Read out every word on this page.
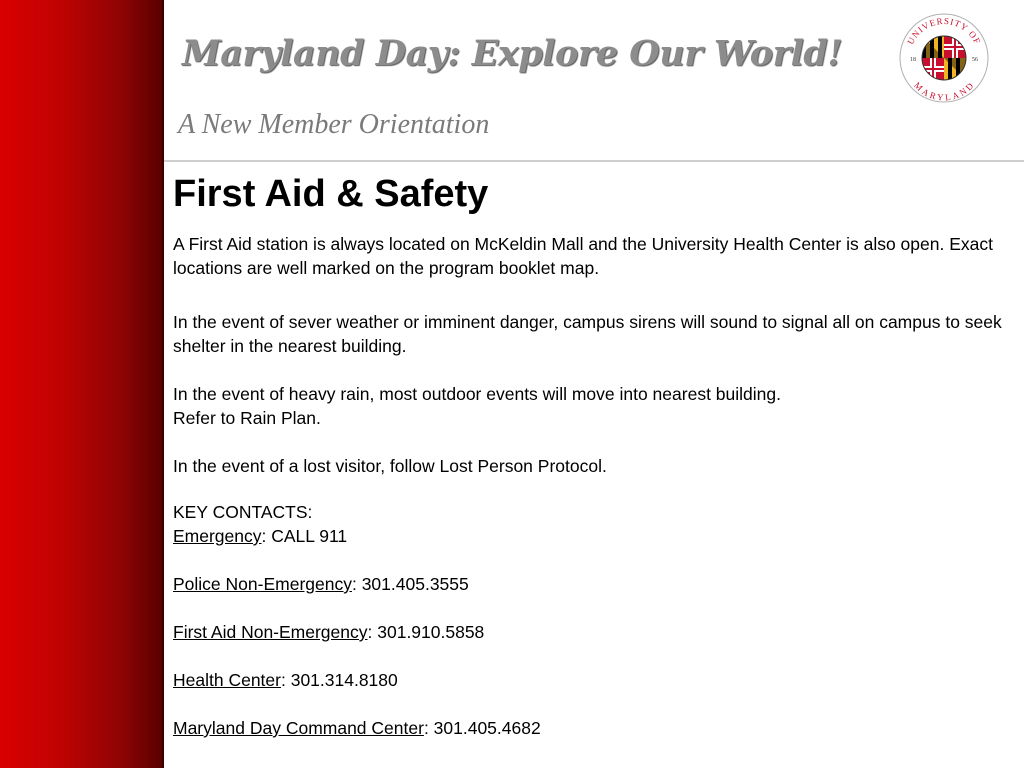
Maryland Day: Explore Our World!
A New Member Orientation
UNIVERSITY OF
MARYLAND
18	56
First Aid & Safety

A First Aid station is always located on McKeldin Mall and the University Health Center is also open. Exact locations are well marked on the program booklet map.

In the event of sever weather or imminent danger, campus sirens will sound to signal all on campus to seek shelter in the nearest building.

In the event of heavy rain, most outdoor events will move into nearest building.

Refer to Rain Plan.

In the event of a lost visitor, follow Lost Person Protocol.

KEY CONTACTS:
Emergency: CALL 911
Police Non-Emergency: 301.405.3555
First Aid Non-Emergency: 301.910.5858
Health Center: 301.314.8180
Maryland Day Command Center: 301.405.4682
